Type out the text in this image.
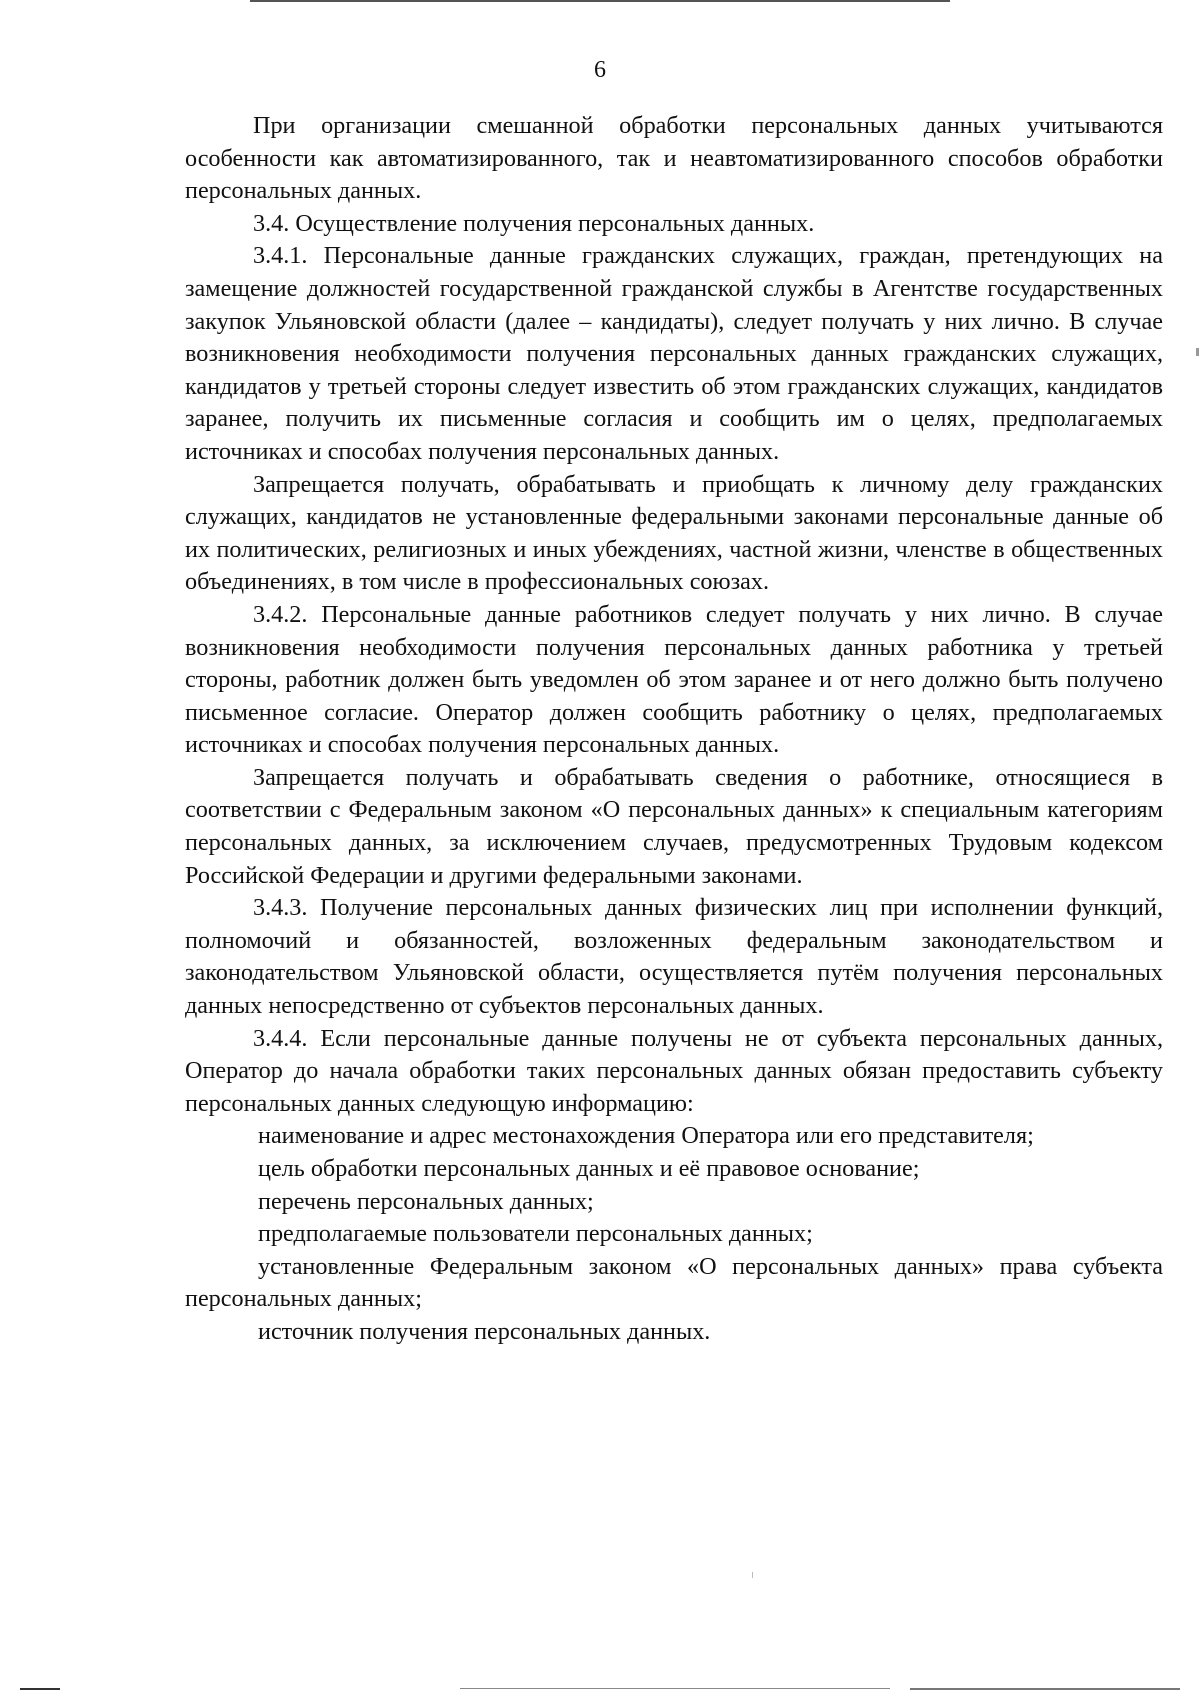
6

При организации смешанной обработки персональных данных учитываются особенности как автоматизированного, так и неавтоматизированного способов обработки персональных данных.

3.4. Осуществление получения персональных данных.

3.4.1. Персональные данные гражданских служащих, граждан, претендующих на замещение должностей государственной гражданской службы в Агентстве государственных закупок Ульяновской области (далее – кандидаты), следует получать у них лично. В случае возникновения необходимости получения персональных данных гражданских служащих, кандидатов у третьей стороны следует известить об этом гражданских служащих, кандидатов заранее, получить их письменные согласия и сообщить им о целях, предполагаемых источниках и способах получения персональных данных.

Запрещается получать, обрабатывать и приобщать к личному делу гражданских служащих, кандидатов не установленные федеральными законами персональные данные об их политических, религиозных и иных убеждениях, частной жизни, членстве в общественных объединениях, в том числе в профессиональных союзах.

3.4.2. Персональные данные работников следует получать у них лично. В случае возникновения необходимости получения персональных данных работника у третьей стороны, работник должен быть уведомлен об этом заранее и от него должно быть получено письменное согласие. Оператор должен сообщить работнику о целях, предполагаемых источниках и способах получения персональных данных.

Запрещается получать и обрабатывать сведения о работнике, относящиеся в соответствии с Федеральным законом «О персональных данных» к специальным категориям персональных данных, за исключением случаев, предусмотренных Трудовым кодексом Российской Федерации и другими федеральными законами.

3.4.3. Получение персональных данных физических лиц при исполнении функций, полномочий и обязанностей, возложенных федеральным законодательством и законодательством Ульяновской области, осуществляется путём получения персональных данных непосредственно от субъектов персональных данных.

3.4.4. Если персональные данные получены не от субъекта персональных данных, Оператор до начала обработки таких персональных данных обязан предоставить субъекту персональных данных следующую информацию:

наименование и адрес местонахождения Оператора или его представителя;

цель обработки персональных данных и её правовое основание;

перечень персональных данных;

предполагаемые пользователи персональных данных;

установленные Федеральным законом «О персональных данных» права субъекта персональных данных;

источник получения персональных данных.
